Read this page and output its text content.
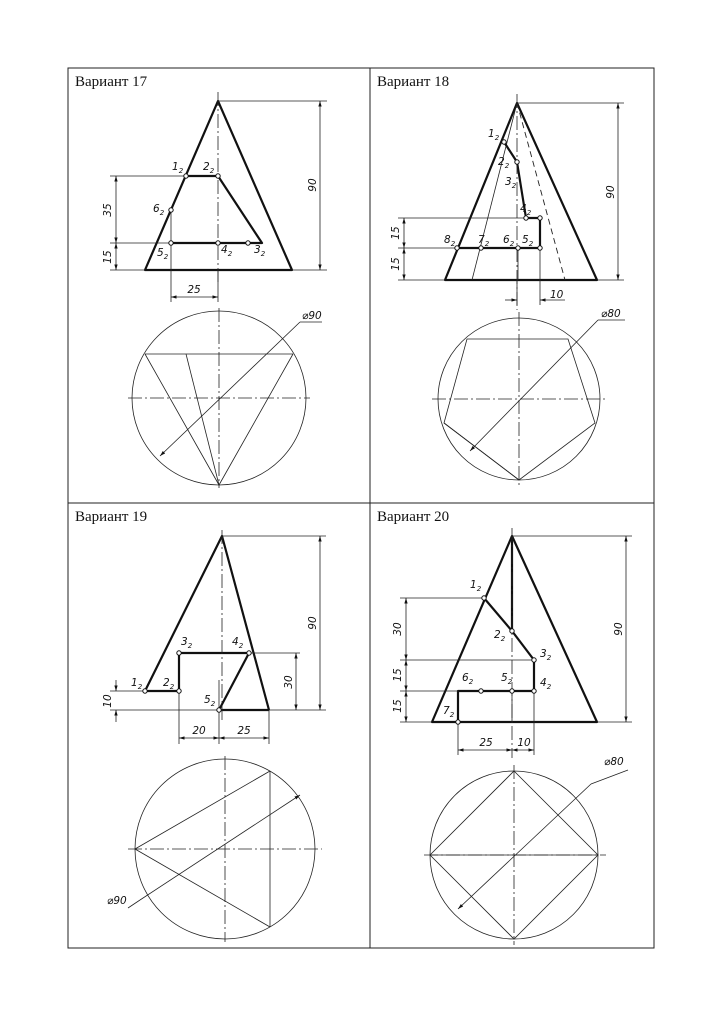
Вариант 17
90
35
15
25
$1_2$ $2_2$
$3_2$
$4_2$
$5_2$
$6_2$
⌀90
Вариант 18
90
15
15
10
$1_2$
$2_2$
$3_2$
$4_2$
$5_2$
$6_2$
$7_2$
$8_2$
⌀80
Вариант 19
90
30
10
20	25
$1_2$ $2_2$
$3_2$	$4_2$
$5_2$
⌀90
Вариант 20
90
30
15
15
25 10
$1_2$
$2_2$
$3_2$
$4_2$
$5_2$
$6_2$
$7_2$
⌀80
